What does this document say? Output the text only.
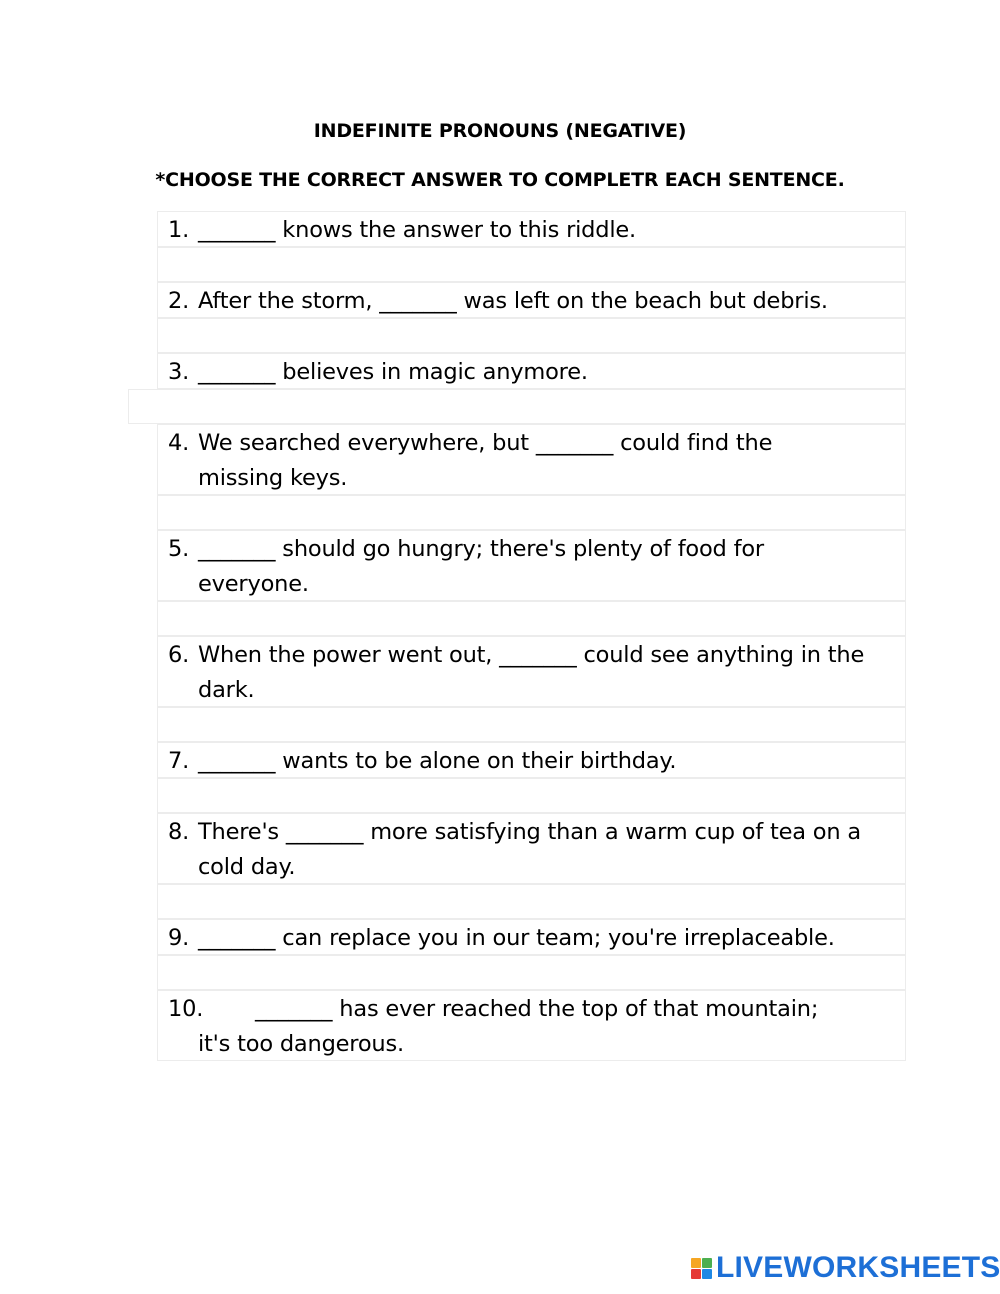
INDEFINITE PRONOUNS (NEGATIVE)
*CHOOSE THE CORRECT ANSWER TO COMPLETR EACH SENTENCE.
1. _______ knows the answer to this riddle.
2. After the storm, _______ was left on the beach but debris.
3. _______ believes in magic anymore.
4. We searched everywhere, but _______ could find the missing keys.
5. _______ should go hungry; there's plenty of food for everyone.
6. When the power went out, _______ could see anything in the dark.
7. _______ wants to be alone on their birthday.
8. There's _______ more satisfying than a warm cup of tea on a cold day.
9. _______ can replace you in our team; you're irreplaceable.
10.	_______ has ever reached the top of that mountain; it's too dangerous.
LIVEWORKSHEETS
